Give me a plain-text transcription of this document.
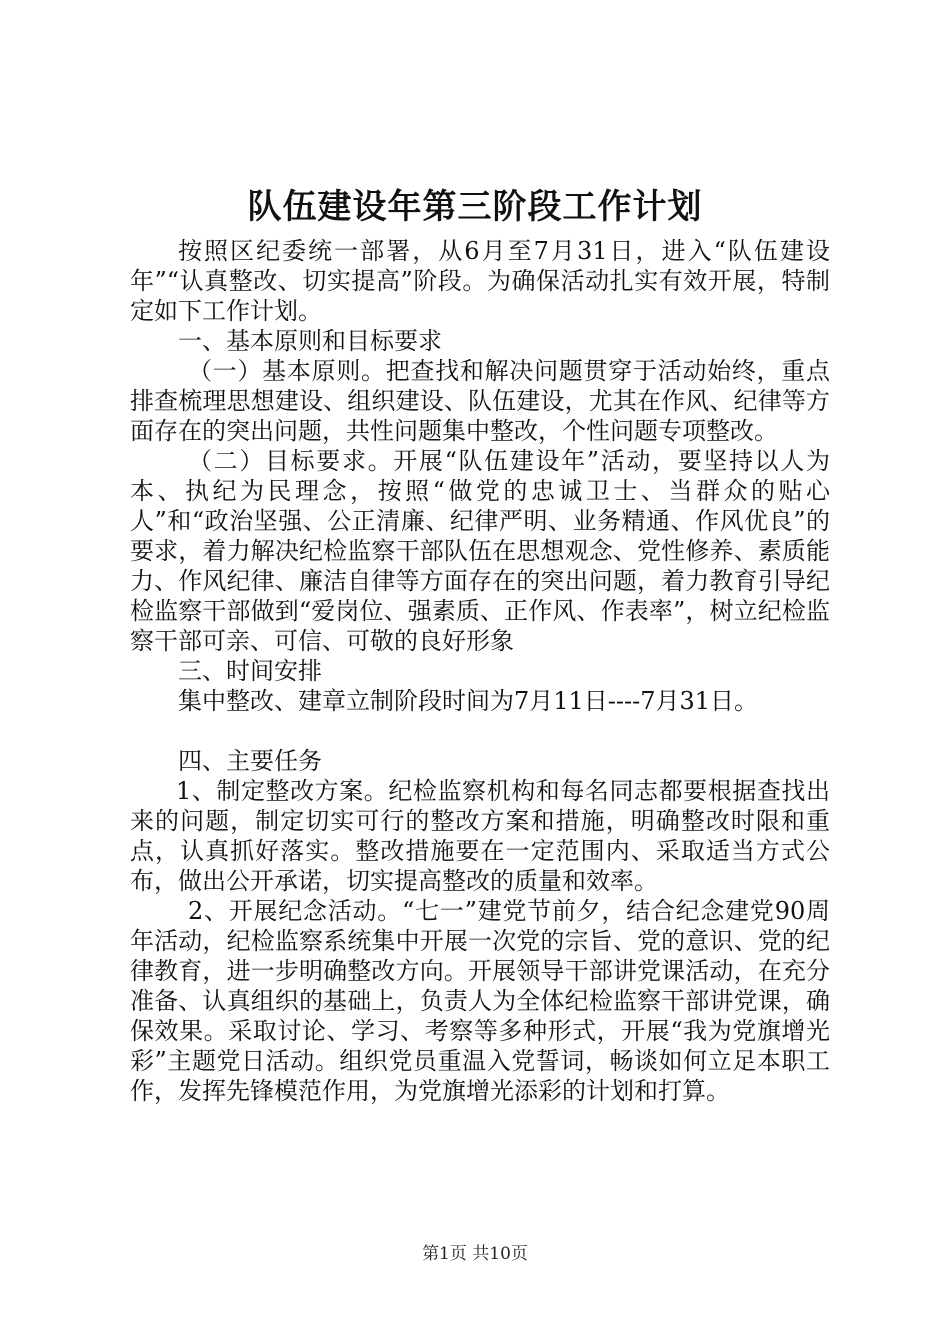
队伍建设年第三阶段工作计划

按照区纪委统一部署，从6月至7月31日，进入“队伍建设年”“认真整改、切实提高”阶段。为确保活动扎实有效开展，特制定如下工作计划。

一、基本原则和目标要求

（一）基本原则。把查找和解决问题贯穿于活动始终，重点排查梳理思想建设、组织建设、队伍建设，尤其在作风、纪律等方面存在的突出问题，共性问题集中整改，个性问题专项整改。

（二）目标要求。开展“队伍建设年”活动，要坚持以人为本、执纪为民理念，按照“做党的忠诚卫士、当群众的贴心人”和“政治坚强、公正清廉、纪律严明、业务精通、作风优良”的要求，着力解决纪检监察干部队伍在思想观念、党性修养、素质能力、作风纪律、廉洁自律等方面存在的突出问题，着力教育引导纪检监察干部做到“爱岗位、强素质、正作风、作表率”，树立纪检监察干部可亲、可信、可敬的良好形象

三、时间安排

集中整改、建章立制阶段时间为7月11日----7月31日。

四、主要任务

1、制定整改方案。纪检监察机构和每名同志都要根据查找出来的问题，制定切实可行的整改方案和措施，明确整改时限和重点，认真抓好落实。整改措施要在一定范围内、采取适当方式公布，做出公开承诺，切实提高整改的质量和效率。

2、开展纪念活动。“七一”建党节前夕，结合纪念建党90周年活动，纪检监察系统集中开展一次党的宗旨、党的意识、党的纪律教育，进一步明确整改方向。开展领导干部讲党课活动，在充分准备、认真组织的基础上，负责人为全体纪检监察干部讲党课，确保效果。采取讨论、学习、考察等多种形式，开展“我为党旗增光彩”主题党日活动。组织党员重温入党誓词，畅谈如何立足本职工作，发挥先锋模范作用，为党旗增光添彩的计划和打算。

第1页 共10页
